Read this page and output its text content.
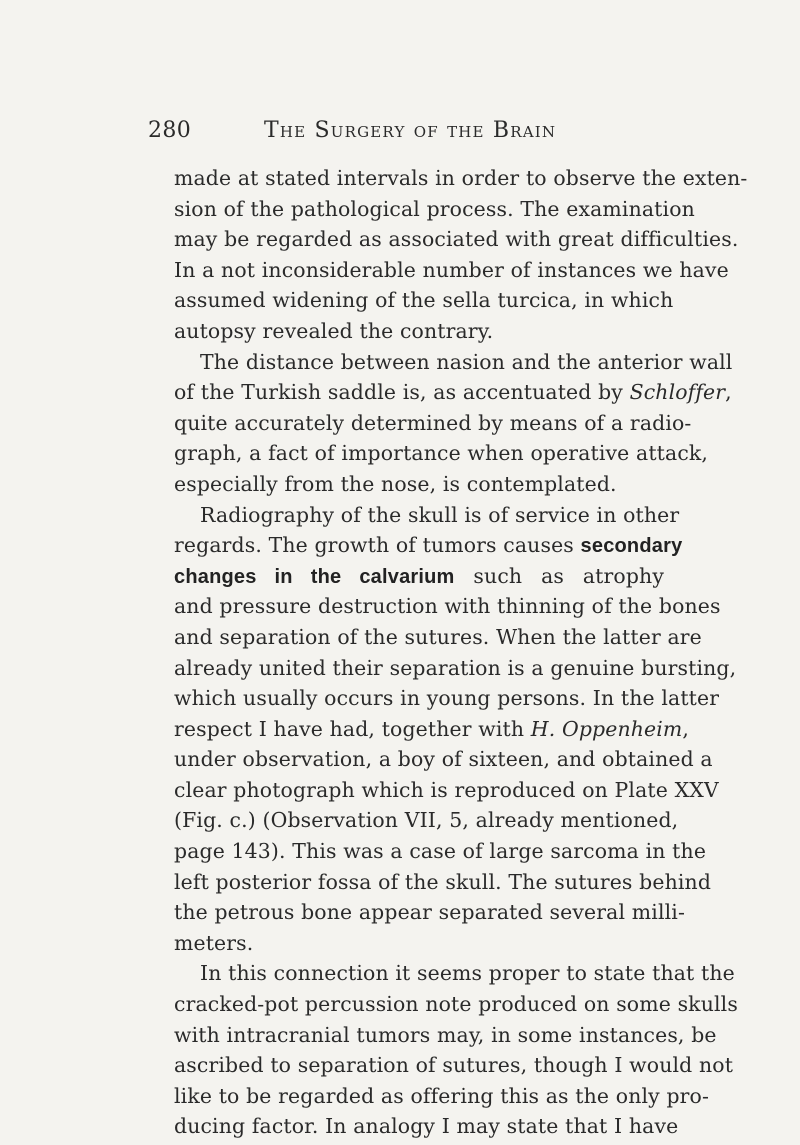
280	The Surgery of the Brain
made at stated intervals in order to observe the exten-
sion of the pathological process. The examination
may be regarded as associated with great difficulties.
In a not inconsiderable number of instances we have
assumed widening of the sella turcica, in which
autopsy revealed the contrary.
The distance between nasion and the anterior wall
of the Turkish saddle is, as accentuated by Schloffer,
quite accurately determined by means of a radio-
graph, a fact of importance when operative attack,
especially from the nose, is contemplated.
Radiography of the skull is of service in other
regards. The growth of tumors causes secondary
changes in the calvarium such as atrophy
and pressure destruction with thinning of the bones
and separation of the sutures. When the latter are
already united their separation is a genuine bursting,
which usually occurs in young persons. In the latter
respect I have had, together with H. Oppenheim,
under observation, a boy of sixteen, and obtained a
clear photograph which is reproduced on Plate XXV
(Fig. c.) (Observation VII, 5, already mentioned,
page 143). This was a case of large sarcoma in the
left posterior fossa of the skull. The sutures behind
the petrous bone appear separated several milli-
meters.
In this connection it seems proper to state that the
cracked-pot percussion note produced on some skulls
with intracranial tumors may, in some instances, be
ascribed to separation of sutures, though I would not
like to be regarded as offering this as the only pro-
ducing factor. In analogy I may state that I have
